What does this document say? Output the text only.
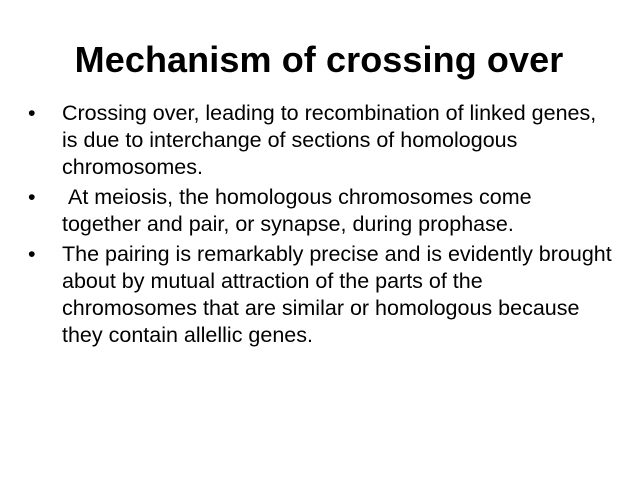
Mechanism of crossing over
•	Crossing over, leading to recombination of linked genes, is due to interchange of sections of homologous chromosomes.
•	At meiosis, the homologous chromosomes come together and pair, or synapse, during prophase.
•	The pairing is remarkably precise and is evidently brought about by mutual attraction of the parts of the chromosomes that are similar or homologous because they contain allellic genes.
